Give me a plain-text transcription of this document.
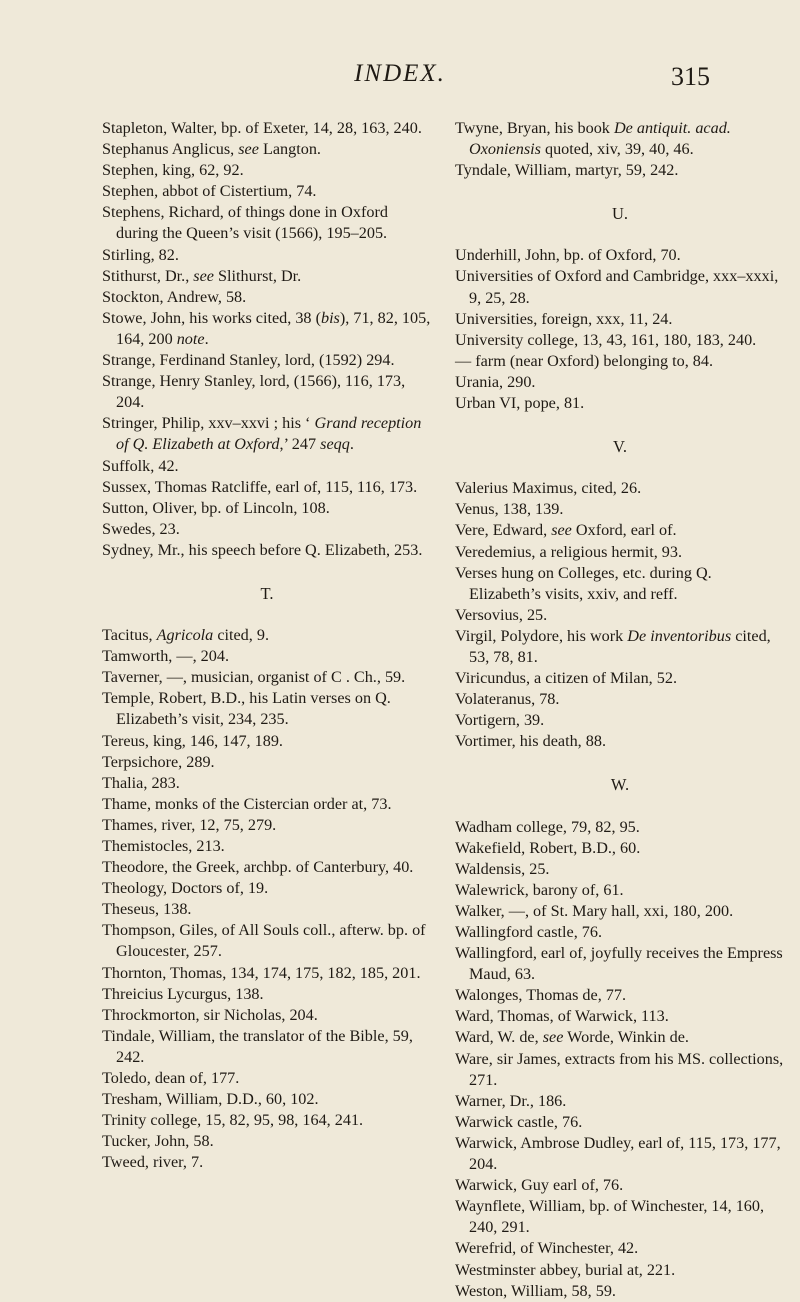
INDEX.	315

Stapleton, Walter, bp. of Exeter, 14, 28, 163, 240.

Stephanus Anglicus, see Langton.

Stephen, king, 62, 92.

Stephen, abbot of Cistertium, 74.

Stephens, Richard, of things done in Oxford during the Queen’s visit (1566), 195–205.

Stirling, 82.

Stithurst, Dr., see Slithurst, Dr.

Stockton, Andrew, 58.

Stowe, John, his works cited, 38 (bis), 71, 82, 105, 164, 200 note.

Strange, Ferdinand Stanley, lord, (1592) 294.

Strange, Henry Stanley, lord, (1566), 116, 173, 204.

Stringer, Philip, xxv–xxvi ; his ‘ Grand reception of Q. Elizabeth at Oxford,’ 247 seqq.

Suffolk, 42.

Sussex, Thomas Ratcliffe, earl of, 115, 116, 173.

Sutton, Oliver, bp. of Lincoln, 108.

Swedes, 23.

Sydney, Mr., his speech before Q. Elizabeth, 253.

T.

Tacitus, Agricola cited, 9.

Tamworth, —, 204.

Taverner, —, musician, organist of C . Ch., 59.

Temple, Robert, B.D., his Latin verses on Q. Elizabeth’s visit, 234, 235.

Tereus, king, 146, 147, 189.

Terpsichore, 289.

Thalia, 283.

Thame, monks of the Cistercian order at, 73.

Thames, river, 12, 75, 279.

Themistocles, 213.

Theodore, the Greek, archbp. of Canterbury, 40.

Theology, Doctors of, 19.

Theseus, 138.

Thompson, Giles, of All Souls coll., afterw. bp. of Gloucester, 257.

Thornton, Thomas, 134, 174, 175, 182, 185, 201.

Threicius Lycurgus, 138.

Throckmorton, sir Nicholas, 204.

Tindale, William, the translator of the Bible, 59, 242.

Toledo, dean of, 177.

Tresham, William, D.D., 60, 102.

Trinity college, 15, 82, 95, 98, 164, 241.

Tucker, John, 58.

Tweed, river, 7.

Twyne, Bryan, his book De antiquit. acad. Oxoniensis quoted, xiv, 39, 40, 46.

Tyndale, William, martyr, 59, 242.

U.

Underhill, John, bp. of Oxford, 70.

Universities of Oxford and Cambridge, xxx–xxxi, 9, 25, 28.

Universities, foreign, xxx, 11, 24.

University college, 13, 43, 161, 180, 183, 240.

— farm (near Oxford) belonging to, 84.

Urania, 290.

Urban VI, pope, 81.

V.

Valerius Maximus, cited, 26.

Venus, 138, 139.

Vere, Edward, see Oxford, earl of.

Veredemius, a religious hermit, 93.

Verses hung on Colleges, etc. during Q. Elizabeth’s visits, xxiv, and reff.

Versovius, 25.

Virgil, Polydore, his work De inventoribus cited, 53, 78, 81.

Viricundus, a citizen of Milan, 52.

Volateranus, 78.

Vortigern, 39.

Vortimer, his death, 88.

W.

Wadham college, 79, 82, 95.

Wakefield, Robert, B.D., 60.

Waldensis, 25.

Walewrick, barony of, 61.

Walker, —, of St. Mary hall, xxi, 180, 200.

Wallingford castle, 76.

Wallingford, earl of, joyfully receives the Empress Maud, 63.

Walonges, Thomas de, 77.

Ward, Thomas, of Warwick, 113.

Ward, W. de, see Worde, Winkin de.

Ware, sir James, extracts from his MS. collections, 271.

Warner, Dr., 186.

Warwick castle, 76.

Warwick, Ambrose Dudley, earl of, 115, 173, 177, 204.

Warwick, Guy earl of, 76.

Waynflete, William, bp. of Winchester, 14, 160, 240, 291.

Werefrid, of Winchester, 42.

Westminster abbey, burial at, 221.

Weston, William, 58, 59.
